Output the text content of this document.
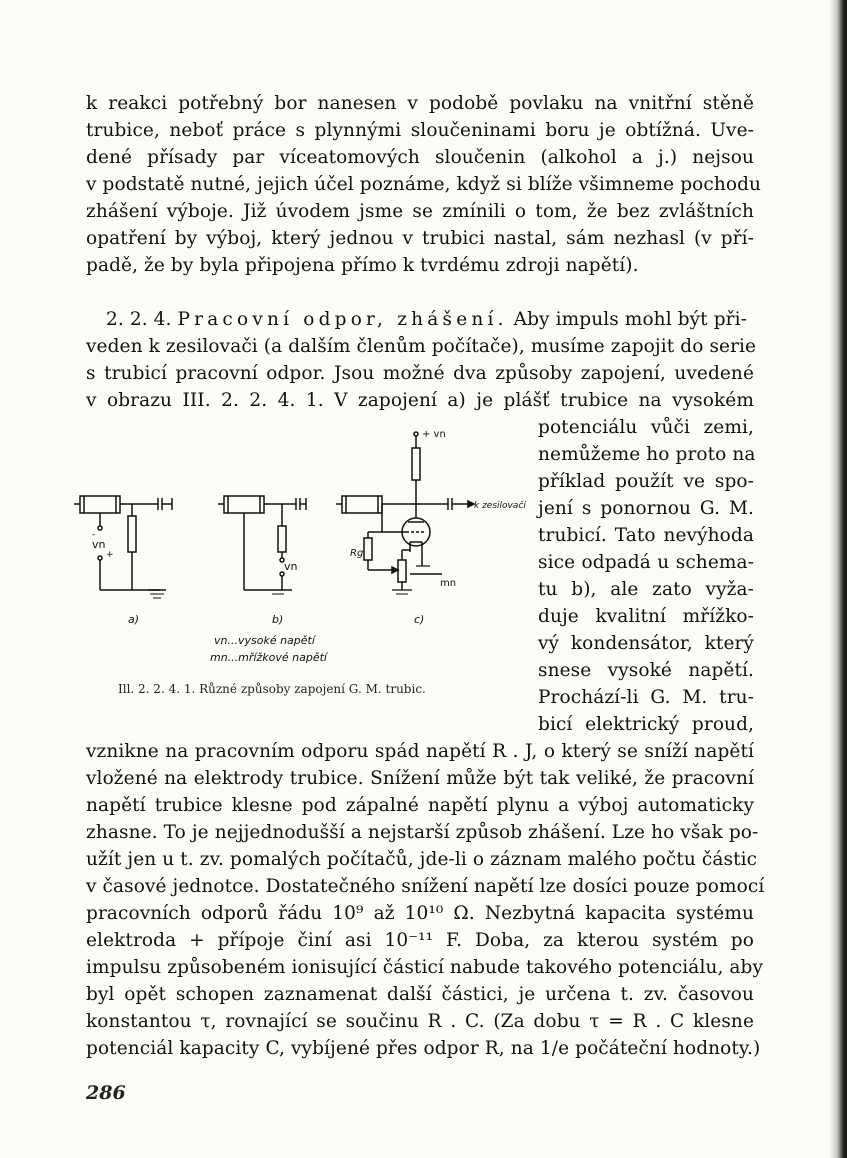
k reakci potřebný bor nanesen v podobě povlaku na vnitřní stěně
trubice, neboť práce s plynnými sloučeninami boru je obtížná. Uve-
dené přísady par víceatomových sloučenin (alkohol a j.) nejsou
v podstatě nutné, jejich účel poznáme, když si blíže všimneme pochodu
zhášení výboje. Již úvodem jsme se zmínili o tom, že bez zvláštních
opatření by výboj, který jednou v trubici nastal, sám nezhasl (v pří-
padě, že by byla připojena přímo k tvrdému zdroji napětí).
2. 2. 4. Pracovní odpor, zhášení. Aby impuls mohl být při-
veden k zesilovači (a dalším členům počítače), musíme zapojit do serie
s trubicí pracovní odpor. Jsou možné dva způsoby zapojení, uvedené
v obrazu III. 2. 2. 4. 1. V zapojení a) je plášť trubice na vysokém
potenciálu vůči zemi,
nemůžeme ho proto na
příklad použít ve spo-
jení s ponornou G. M.
trubicí. Tato nevýhoda
sice odpadá u schema-
tu b), ale zato vyža-
duje kvalitní mřížko-
vý kondensátor, který
snese vysoké napětí.
Prochází-li G. M. tru-
bicí elektrický proud,
vn
-
+
a)
vn
b)
+ vn
k zesilovači
Rg
mn
c)
vn...vysoké napětí
mn...mřížkové napětí
Ill. 2. 2. 4. 1. Různé způsoby zapojení G. M. trubic.
vznikne na pracovním odporu spád napětí R . J, o který se sníží napětí
vložené na elektrody trubice. Snížení může být tak veliké, že pracovní
napětí trubice klesne pod zápalné napětí plynu a výboj automaticky
zhasne. To je nejjednodušší a nejstarší způsob zhášení. Lze ho však po-
užít jen u t. zv. pomalých počítačů, jde-li o záznam malého počtu částic
v časové jednotce. Dostatečného snížení napětí lze dosíci pouze pomocí
pracovních odporů řádu 10⁹ až 10¹⁰ Ω. Nezbytná kapacita systému
elektroda + přípoje činí asi 10⁻¹¹ F. Doba, za kterou systém po
impulsu způsobeném ionisující částicí nabude takového potenciálu, aby
byl opět schopen zaznamenat další částici, je určena t. zv. časovou
konstantou τ, rovnající se součinu R . C. (Za dobu τ = R . C klesne
potenciál kapacity C, vybíjené přes odpor R, na 1/e počáteční hodnoty.)
286
